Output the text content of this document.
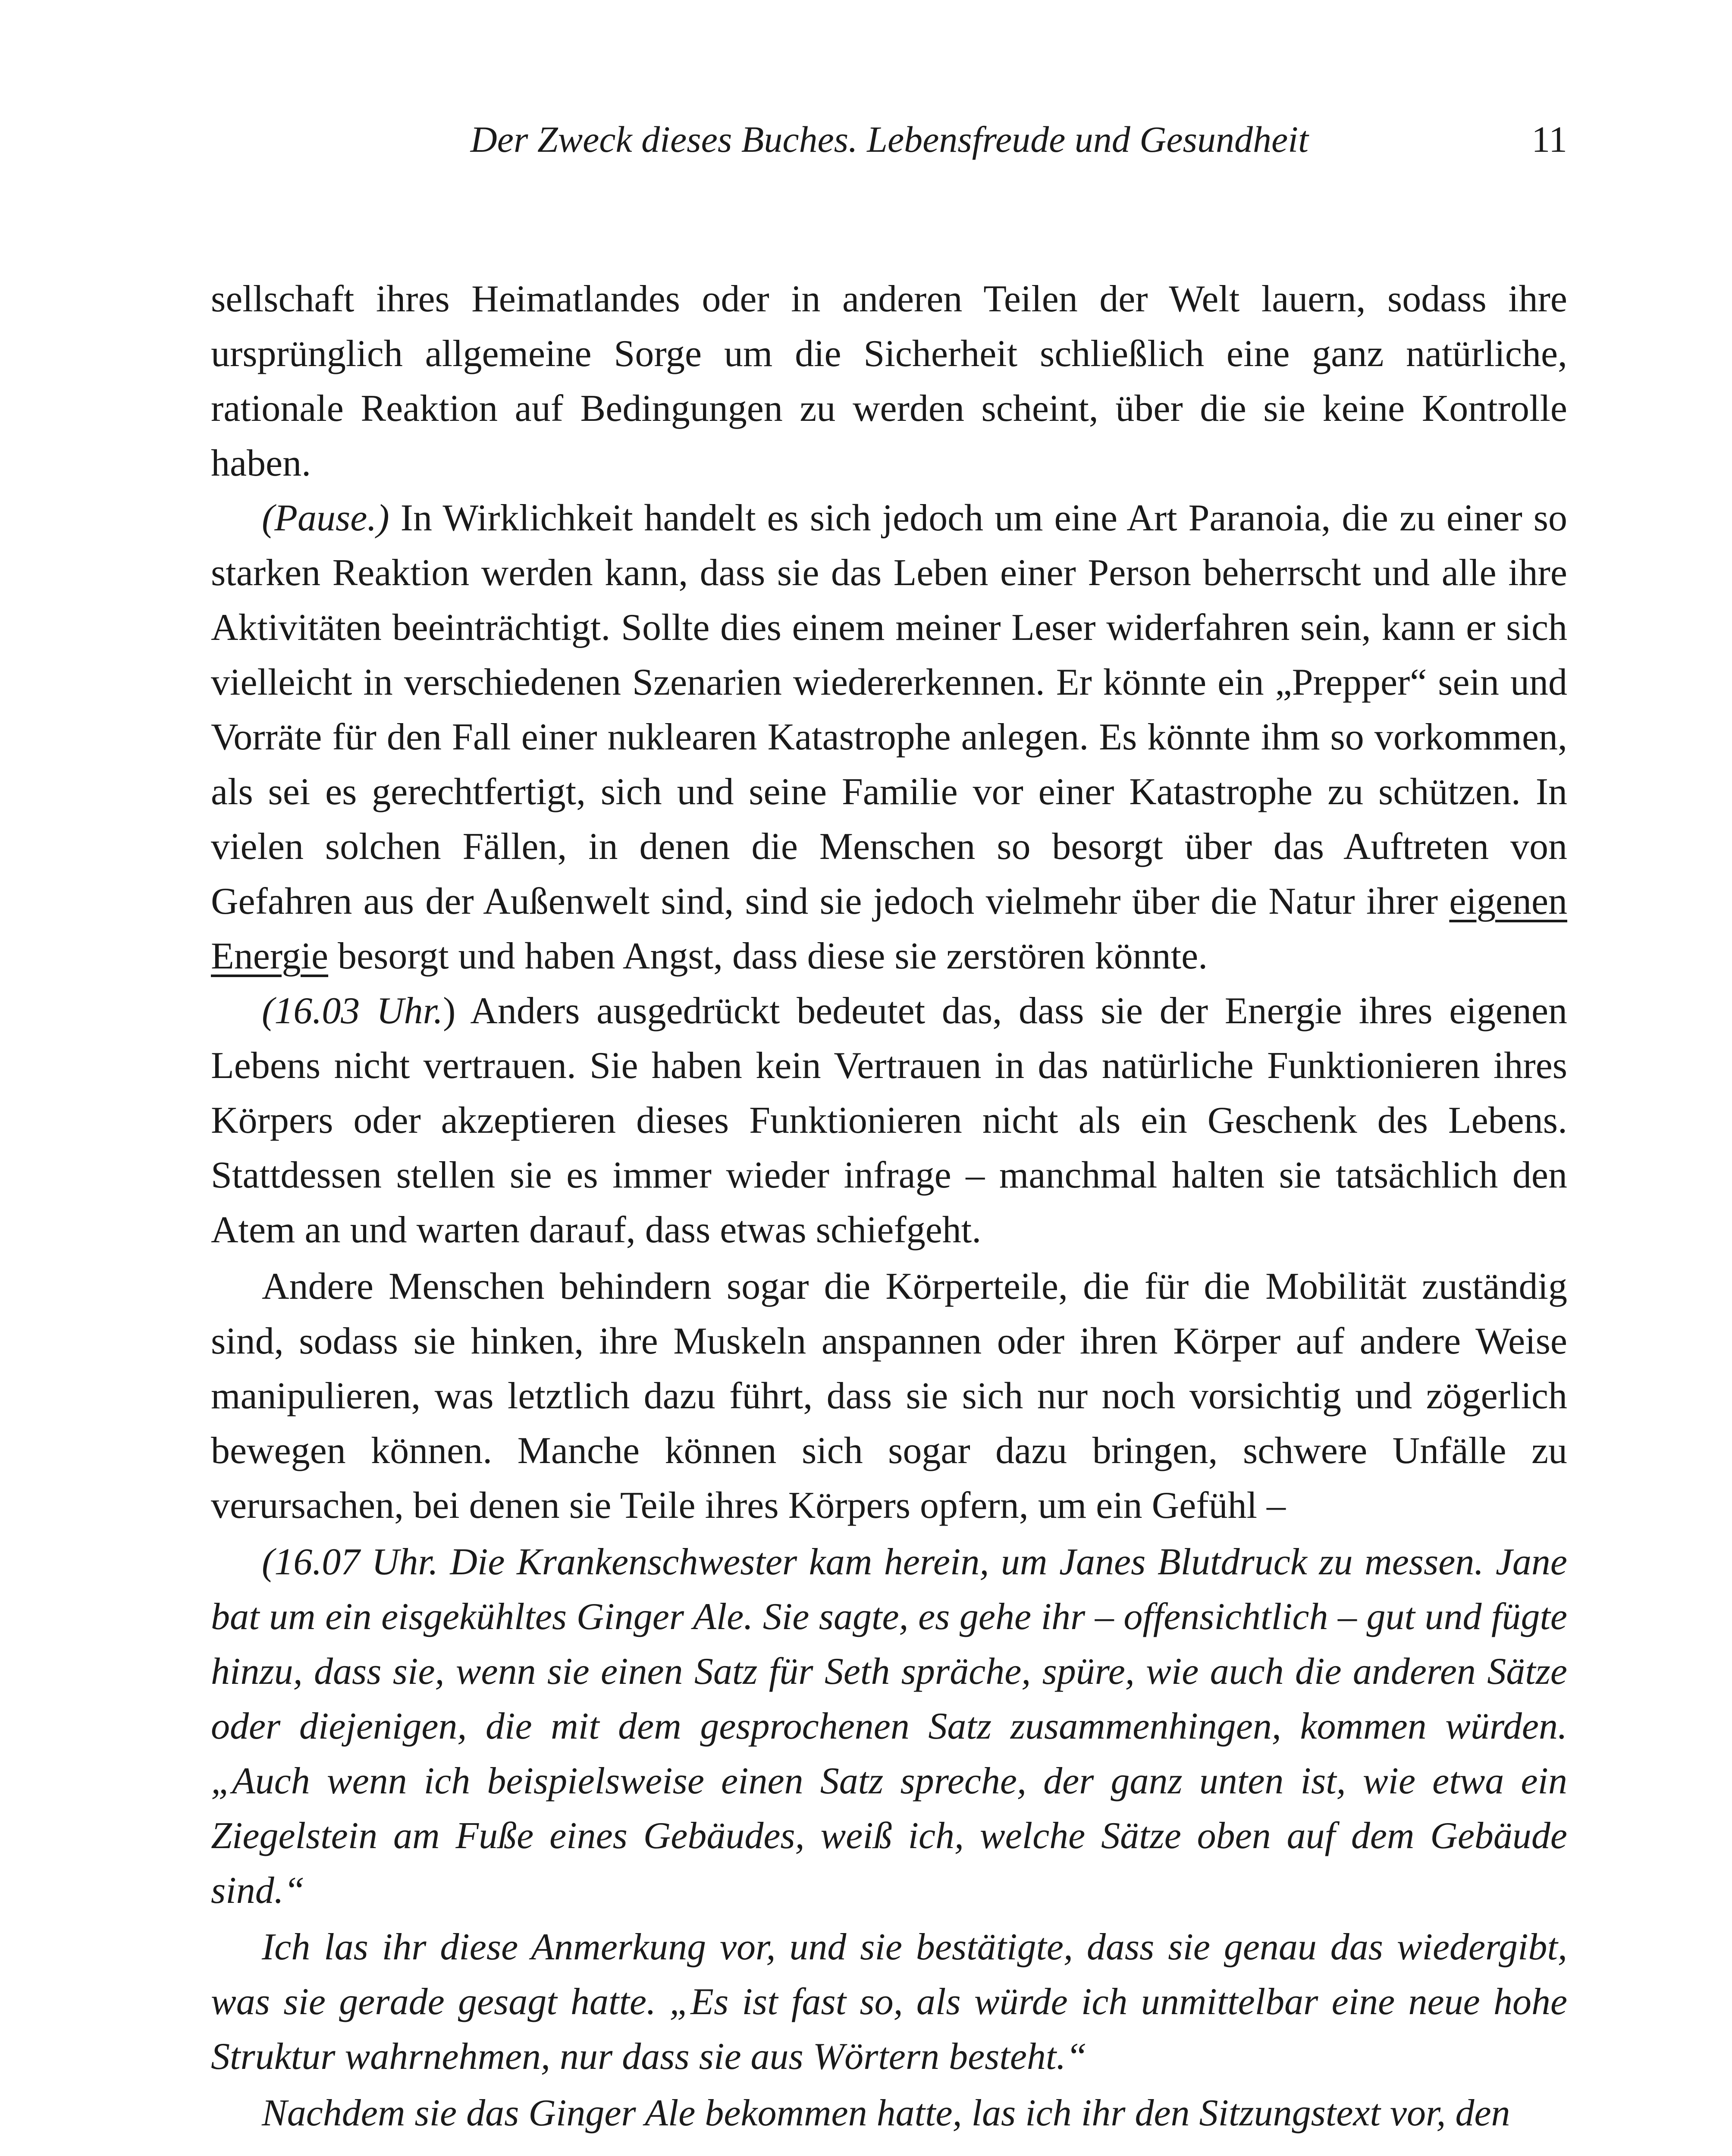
Der Zweck dieses Buches. Lebensfreude und Gesundheit	11

sellschaft ihres Heimatlandes oder in anderen Teilen der Welt lauern, sodass ihre ursprünglich allgemeine Sorge um die Sicherheit schließlich eine ganz natürliche, rationale Reaktion auf Bedingungen zu werden scheint, über die sie keine Kontrolle haben.

(Pause.) In Wirklichkeit handelt es sich jedoch um eine Art Paranoia, die zu einer so starken Reaktion werden kann, dass sie das Leben einer Person beherrscht und alle ihre Aktivitäten beeinträchtigt. Sollte dies einem meiner Leser widerfahren sein, kann er sich vielleicht in verschiedenen Szenarien wiedererkennen. Er könnte ein „Prepper“ sein und Vorräte für den Fall einer nuklearen Katastrophe anlegen. Es könnte ihm so vorkommen, als sei es gerechtfertigt, sich und seine Familie vor einer Katastrophe zu schützen. In vielen solchen Fällen, in denen die Menschen so besorgt über das Auftreten von Gefahren aus der Außenwelt sind, sind sie jedoch vielmehr über die Natur ihrer eigenen Energie besorgt und haben Angst, dass diese sie zerstören könnte.

(16.03 Uhr.) Anders ausgedrückt bedeutet das, dass sie der Energie ihres eigenen Lebens nicht vertrauen. Sie haben kein Vertrauen in das natürliche Funktionieren ihres Körpers oder akzeptieren dieses Funktionieren nicht als ein Geschenk des Lebens. Stattdessen stellen sie es immer wieder infrage – manchmal halten sie tatsächlich den Atem an und warten darauf, dass etwas schiefgeht.

Andere Menschen behindern sogar die Körperteile, die für die Mobilität zuständig sind, sodass sie hinken, ihre Muskeln anspannen oder ihren Körper auf andere Weise manipulieren, was letztlich dazu führt, dass sie sich nur noch vorsichtig und zögerlich bewegen können. Manche können sich sogar dazu bringen, schwere Unfälle zu verursachen, bei denen sie Teile ihres Körpers opfern, um ein Gefühl –

(16.07 Uhr. Die Krankenschwester kam herein, um Janes Blutdruck zu messen. Jane bat um ein eisgekühltes Ginger Ale. Sie sagte, es gehe ihr – offensichtlich – gut und fügte hinzu, dass sie, wenn sie einen Satz für Seth spräche, spüre, wie auch die anderen Sätze oder diejenigen, die mit dem gesprochenen Satz zusammenhingen, kommen würden. „Auch wenn ich beispielsweise einen Satz spreche, der ganz unten ist, wie etwa ein Ziegelstein am Fuße eines Gebäudes, weiß ich, welche Sätze oben auf dem Gebäude sind.“

Ich las ihr diese Anmerkung vor, und sie bestätigte, dass sie genau das wiedergibt, was sie gerade gesagt hatte. „Es ist fast so, als würde ich unmittelbar eine neue hohe Struktur wahrnehmen, nur dass sie aus Wörtern besteht.“

Nachdem sie das Ginger Ale bekommen hatte, las ich ihr den Sitzungstext vor, den
